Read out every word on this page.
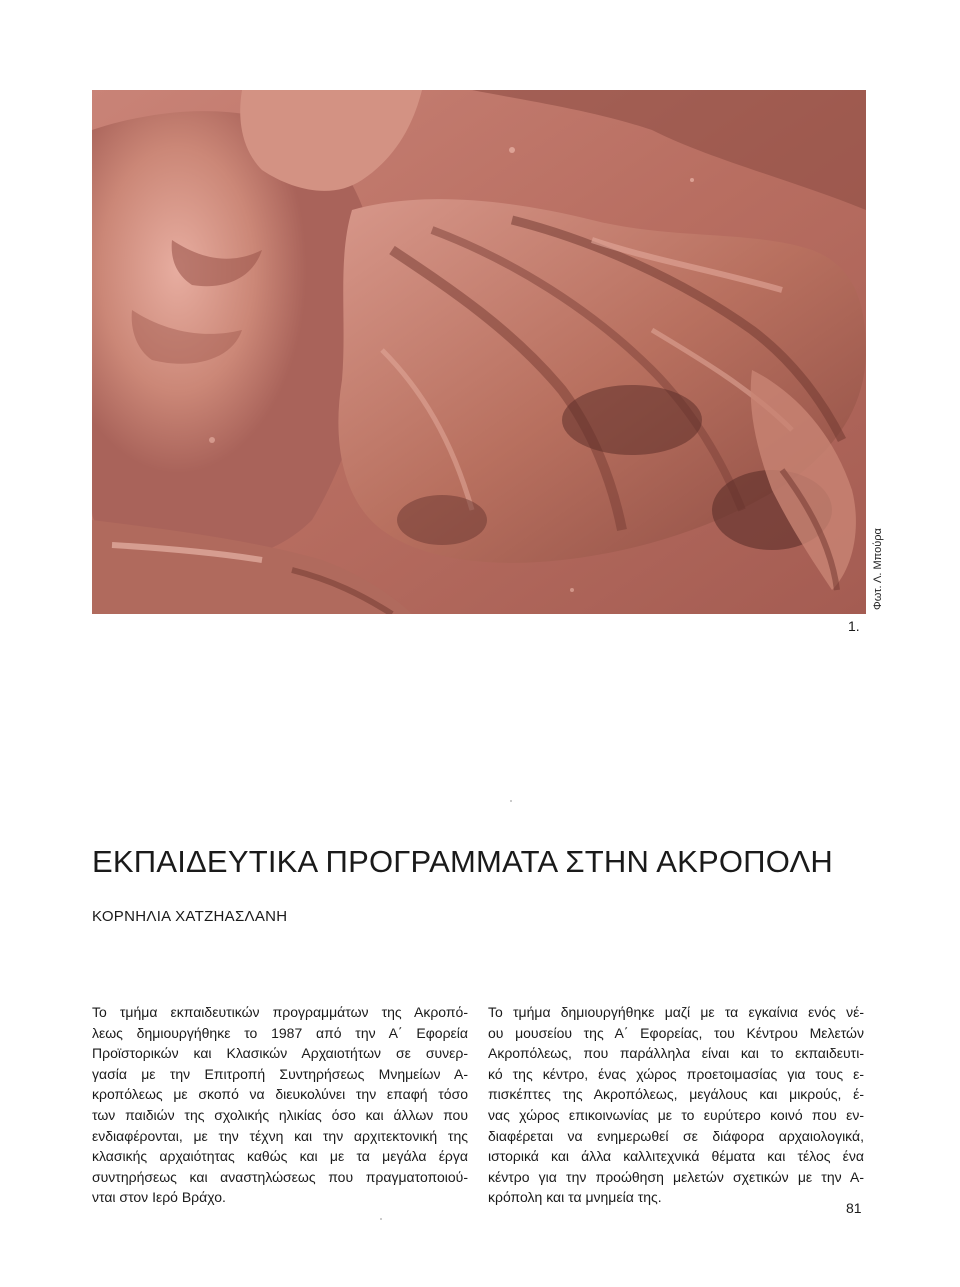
Φωτ. Λ. Μπούρα
1.
ΕΚΠΑΙΔΕΥΤΙΚΑ ΠΡΟΓΡΑΜΜΑΤΑ ΣΤΗΝ ΑΚΡΟΠΟΛΗ
ΚΟΡΝΗΛΙΑ ΧΑΤΖΗΑΣΛΑΝΗ
Το τμήμα εκπαιδευτικών προγραμμάτων της Ακροπό-
λεως δημιουργήθηκε το 1987 από την Α΄ Εφορεία
Προϊστορικών και Κλασικών Αρχαιοτήτων σε συνερ-
γασία με την Επιτροπή Συντηρήσεως Μνημείων Α-
κροπόλεως με σκοπό να διευκολύνει την επαφή τόσο
των παιδιών της σχολικής ηλικίας όσο και άλλων που
ενδιαφέρονται, με την τέχνη και την αρχιτεκτονική της
κλασικής αρχαιότητας καθώς και με τα μεγάλα έργα
συντηρήσεως και αναστηλώσεως που πραγματοποιού-
νται στον Ιερό Βράχο.
Το τμήμα δημιουργήθηκε μαζί με τα εγκαίνια ενός νέ-
ου μουσείου της Α΄ Εφορείας, του Κέντρου Μελετών
Ακροπόλεως, που παράλληλα είναι και το εκπαιδευτι-
κό της κέντρο, ένας χώρος προετοιμασίας για τους ε-
πισκέπτες της Ακροπόλεως, μεγάλους και μικρούς, έ-
νας χώρος επικοινωνίας με το ευρύτερο κοινό που εν-
διαφέρεται να ενημερωθεί σε διάφορα αρχαιολογικά,
ιστορικά και άλλα καλλιτεχνικά θέματα και τέλος ένα
κέντρο για την προώθηση μελετών σχετικών με την Α-
κρόπολη και τα μνημεία της.
81
